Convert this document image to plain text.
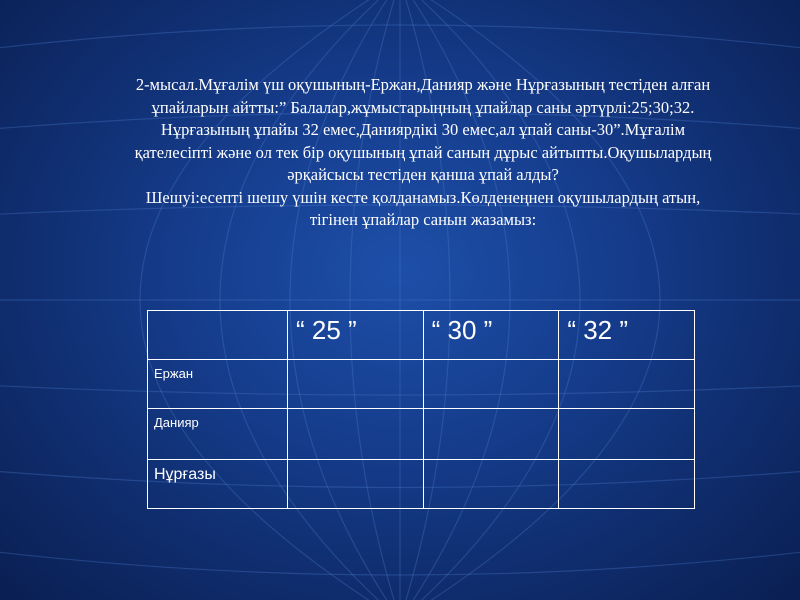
2-мысал.Мұғалім үш оқушының-Ержан,Данияр және Нұрғазының тестіден алған

ұпайларын айтты:” Балалар,жұмыстарыңның ұпайлар саны әртүрлі:25;30;32.

Нұрғазының ұпайы 32 емес,Данияpдікі 30 емес,ал ұпай саны-30”.Мұғалім

қателесіпті және ол тек бір оқушының ұпай санын дұрыс айтыпты.Оқушылардың

әрқайсысы тестіден қанша ұпай алды?

Шешуі:есепті шешу үшін кесте қолданамыз.Көлденеңнен оқушылардың атын,

тігінен ұпайлар санын жазамыз:

	“ 25 ”	“ 30 ”	“ 32 ”
Ержан			
Данияр			
Нұрғазы			
